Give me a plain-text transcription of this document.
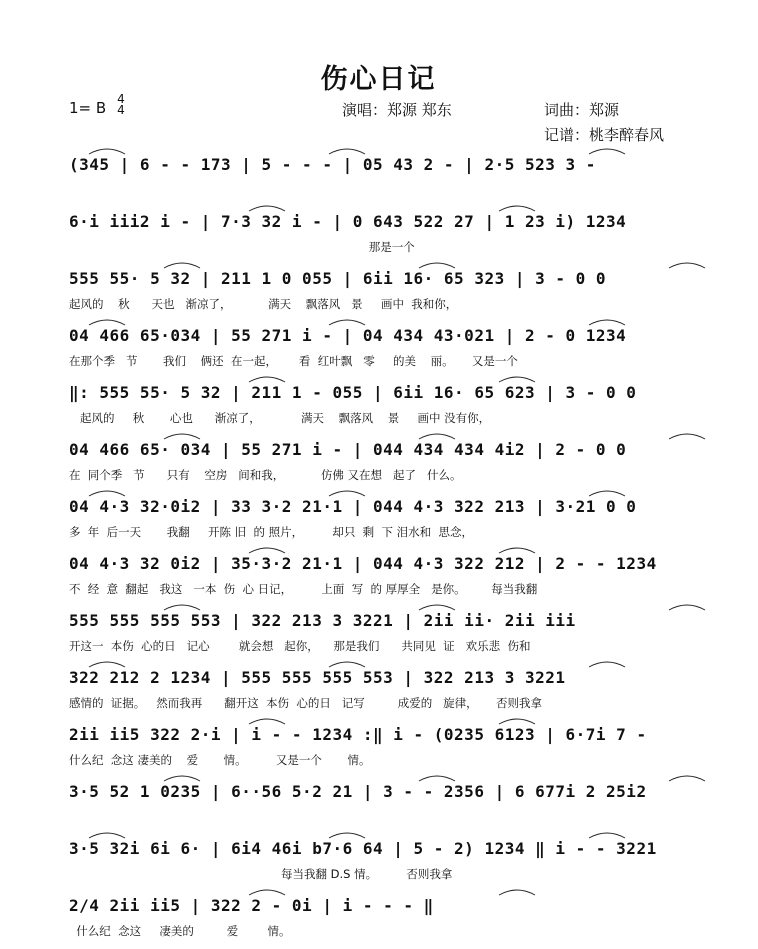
伤心日记
1= B 4
4	演唱：郑源 郑东	词曲：郑源
记谱：桃李醉春风
(345 | 6 - - 173 | 5 - - - | 05 43 2 - | 2·5 523 3 -
6·i iii2 i - | 7·3 32 i - | 0 643 522 27 | 1 23 i) 1234
那是一个
555 55· 5 32 | 211 1 0 055 | 6ii 16· 65 323 | 3 - 0 0
起风的    秋      天也   渐凉了，          满天    飘落风   景     画中  我和你，
04 466 65·034 | 55 271 i - | 04 434 43·021 | 2 - 0 1234
在那个季   节       我们    俩还  在一起，      看  红叶飘   零     的美    丽。     又是一个
‖: 555 55· 5 32 | 211 1 - 055 | 6ii 16· 65 623 | 3 - 0 0
起风的     秋       心也      渐凉了，           满天    飘落风    景     画中 没有你，
04 466 65· 034 | 55 271 i - | 044 434 434 4i2 | 2 - 0 0
在  同个季   节      只有    空房   间和我，          仿佛 又在想   起了   什么。
04 4·3 32·0i2 | 33 3·2 21·1 | 044 4·3 322 213 | 3·21 0 0
多  年  后一天       我翻     开陈 旧  的 照片，        却只  剩  下 泪水和  思念，
04 4·3 32 0i2 | 35·3·2 21·1 | 044 4·3 322 212 | 2 - - 1234
不  经  意  翻起   我这   一本  伤  心 日记，        上面  写  的 厚厚全   是你。       每当我翻
555 555 555 553 | 322 213 3 3221 | 2ii ii· 2ii iii
开这一  本伤  心的日   记心        就会想   起你，    那是我们      共同见  证   欢乐悲  伤和
322 212 2 1234 | 555 555 555 553 | 322 213 3 3221
感情的  证据。   然而我再      翻开这  本伤  心的日   记写         成爱的   旋律，     否则我拿
2ii ii5 322 2·i | i - - 1234 :‖ i - (0235 6123 | 6·7i 7 -
什么纪  念这 凄美的    爱       情。        又是一个       情。
3·5 52 1 0235 | 6··56 5·2 21 | 3 - - 2356 | 6 677i 2 25i2
3·5 32i 6i 6· | 6i4 46i b7·6 64 | 5 - 2) 1234 ‖ i - - 3221
每当我翻 D.S 情。        否则我拿
2/4 2ii ii5 | 322 2 - 0i | i - - - ‖
什么纪  念这     凄美的         爱        情。
